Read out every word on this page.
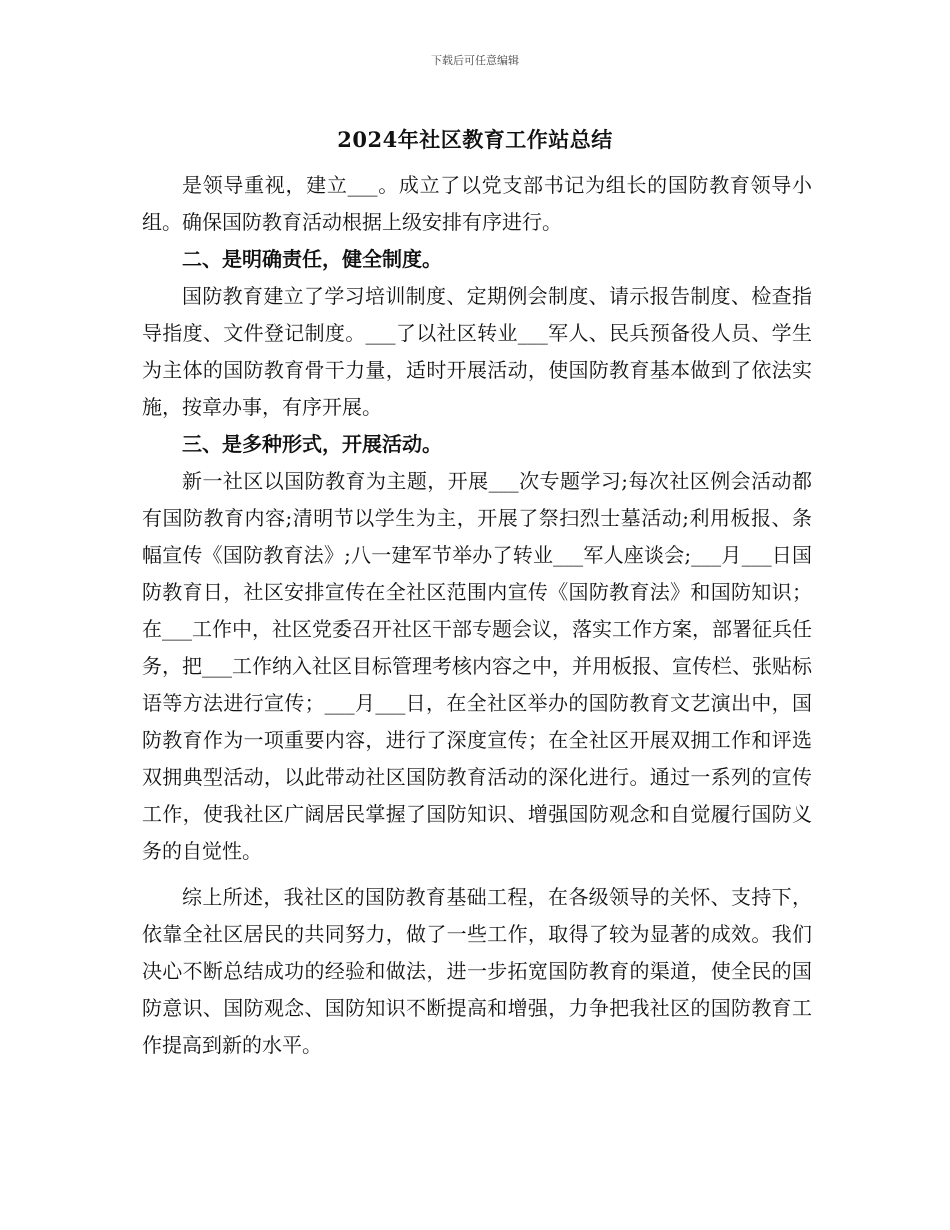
下载后可任意编辑
2024年社区教育工作站总结

是领导重视，建立___。成立了以党支部书记为组长的国防教育领导小组。确保国防教育活动根据上级安排有序进行。

二、是明确责任，健全制度。

国防教育建立了学习培训制度、定期例会制度、请示报告制度、检查指导指度、文件登记制度。___了以社区转业___军人、民兵预备役人员、学生为主体的国防教育骨干力量，适时开展活动，使国防教育基本做到了依法实施，按章办事，有序开展。

三、是多种形式，开展活动。

新一社区以国防教育为主题，开展___次专题学习;每次社区例会活动都有国防教育内容;清明节以学生为主，开展了祭扫烈士墓活动;利用板报、条幅宣传《国防教育法》;八一建军节举办了转业___军人座谈会;___月___日国防教育日，社区安排宣传在全社区范围内宣传《国防教育法》和国防知识；在___工作中，社区党委召开社区干部专题会议，落实工作方案，部署征兵任务，把___工作纳入社区目标管理考核内容之中，并用板报、宣传栏、张贴标语等方法进行宣传；___月___日，在全社区举办的国防教育文艺演出中，国防教育作为一项重要内容，进行了深度宣传；在全社区开展双拥工作和评选双拥典型活动，以此带动社区国防教育活动的深化进行。通过一系列的宣传工作，使我社区广阔居民掌握了国防知识、增强国防观念和自觉履行国防义务的自觉性。

综上所述，我社区的国防教育基础工程，在各级领导的关怀、支持下，依靠全社区居民的共同努力，做了一些工作，取得了较为显著的成效。我们决心不断总结成功的经验和做法，进一步拓宽国防教育的渠道，使全民的国防意识、国防观念、国防知识不断提高和增强，力争把我社区的国防教育工作提高到新的水平。
